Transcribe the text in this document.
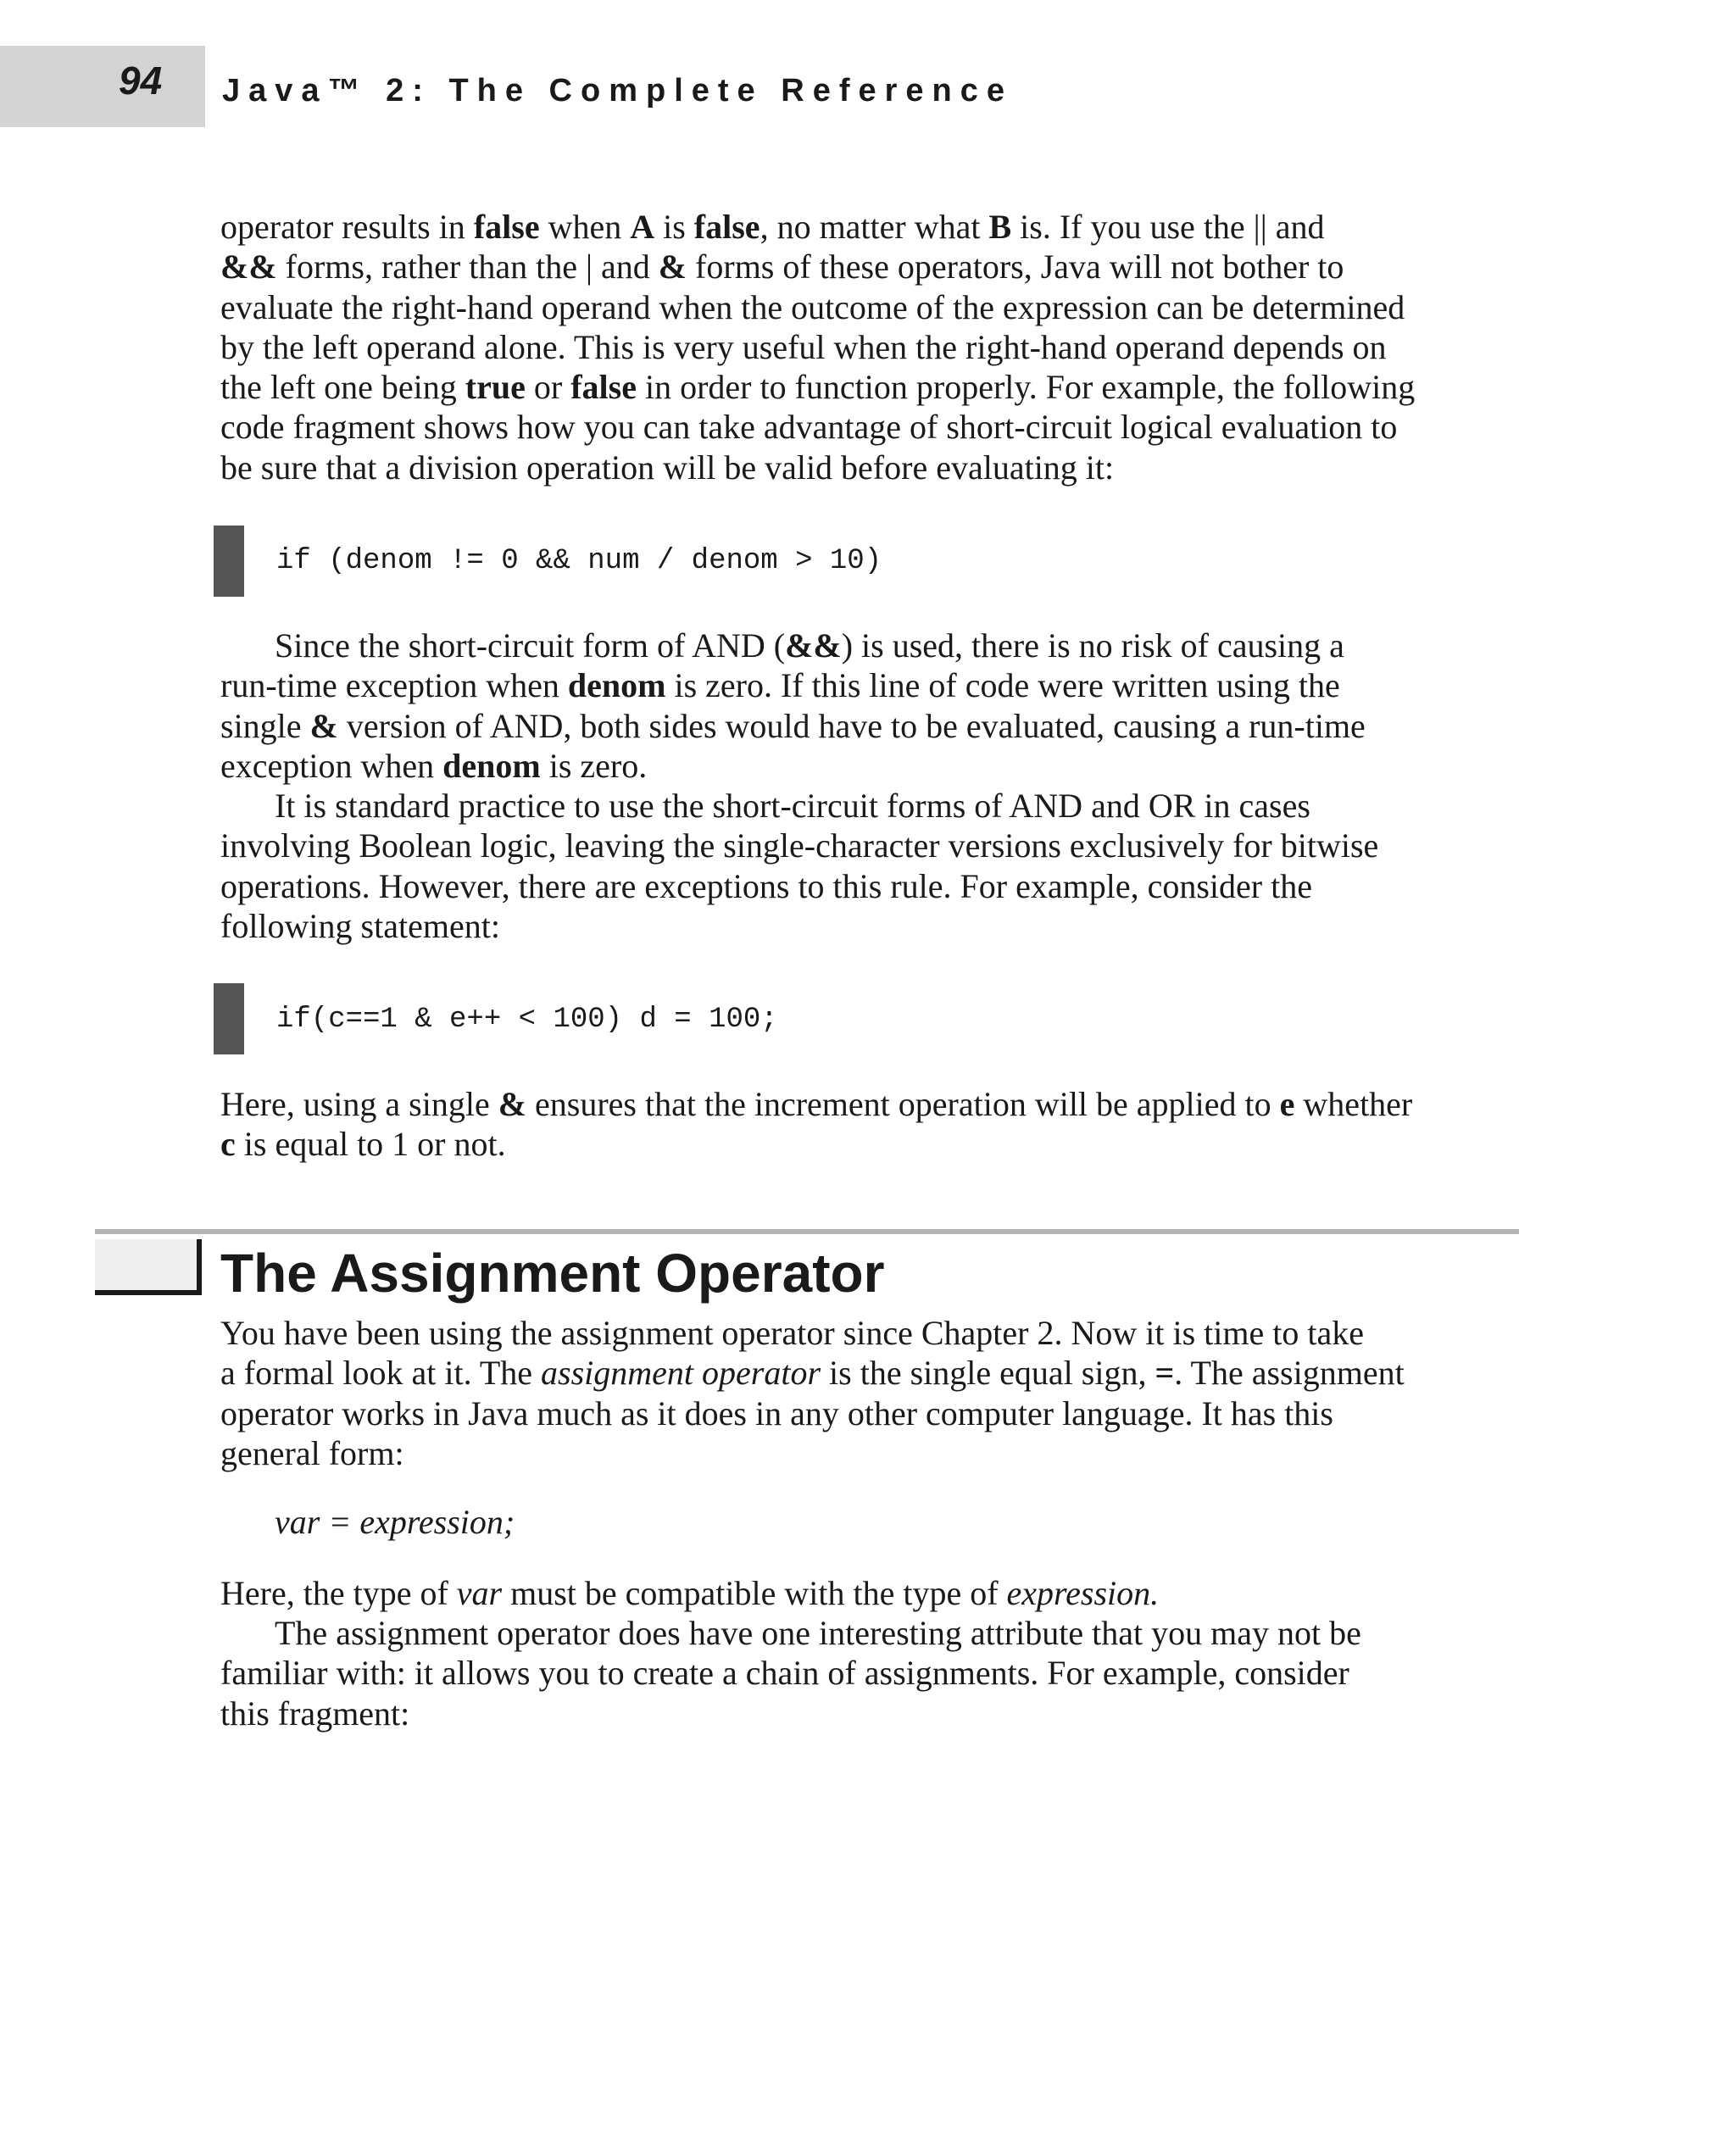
94 Java™ 2: The Complete Reference
operator results in false when A is false, no matter what B is. If you use the || and
&& forms, rather than the | and & forms of these operators, Java will not bother to
evaluate the right-hand operand when the outcome of the expression can be determined
by the left operand alone. This is very useful when the right-hand operand depends on
the left one being true or false in order to function properly. For example, the following
code fragment shows how you can take advantage of short-circuit logical evaluation to
be sure that a division operation will be valid before evaluating it:
if (denom != 0 && num / denom > 10)
Since the short-circuit form of AND (&&) is used, there is no risk of causing a
run-time exception when denom is zero. If this line of code were written using the
single & version of AND, both sides would have to be evaluated, causing a run-time
exception when denom is zero.
It is standard practice to use the short-circuit forms of AND and OR in cases
involving Boolean logic, leaving the single-character versions exclusively for bitwise
operations. However, there are exceptions to this rule. For example, consider the
following statement:
if(c==1 & e++ < 100) d = 100;
Here, using a single & ensures that the increment operation will be applied to e whether
c is equal to 1 or not.
The Assignment Operator
You have been using the assignment operator since Chapter 2. Now it is time to take
a formal look at it. The assignment operator is the single equal sign, =. The assignment
operator works in Java much as it does in any other computer language. It has this
general form:
var = expression;
Here, the type of var must be compatible with the type of expression.
The assignment operator does have one interesting attribute that you may not be
familiar with: it allows you to create a chain of assignments. For example, consider
this fragment:
